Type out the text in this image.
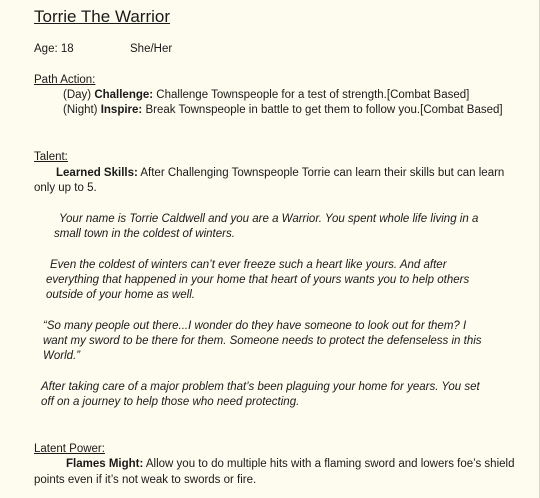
Torrie The Warrior
Age: 18	She/Her
Path Action:
(Day) Challenge: Challenge Townspeople for a test of strength.[Combat Based]
(Night) Inspire: Break Townspeople in battle to get them to follow you.[Combat Based]
Talent:
Learned Skills: After Challenging Townspeople Torrie can learn their skills but can learn
only up to 5.
Your name is Torrie Caldwell and you are a Warrior. You spent whole life living in a
small town in the coldest of winters.
Even the coldest of winters can’t ever freeze such a heart like yours. And after
everything that happened in your home that heart of yours wants you to help others
outside of your home as well.
“So many people out there...I wonder do they have someone to look out for them? I
want my sword to be there for them. Someone needs to protect the defenseless in this
World.”
After taking care of a major problem that’s been plaguing your home for years. You set
off on a journey to help those who need protecting.
Latent Power:
Flames Might: Allow you to do multiple hits with a flaming sword and lowers foe’s shield
points even if it’s not weak to swords or fire.
